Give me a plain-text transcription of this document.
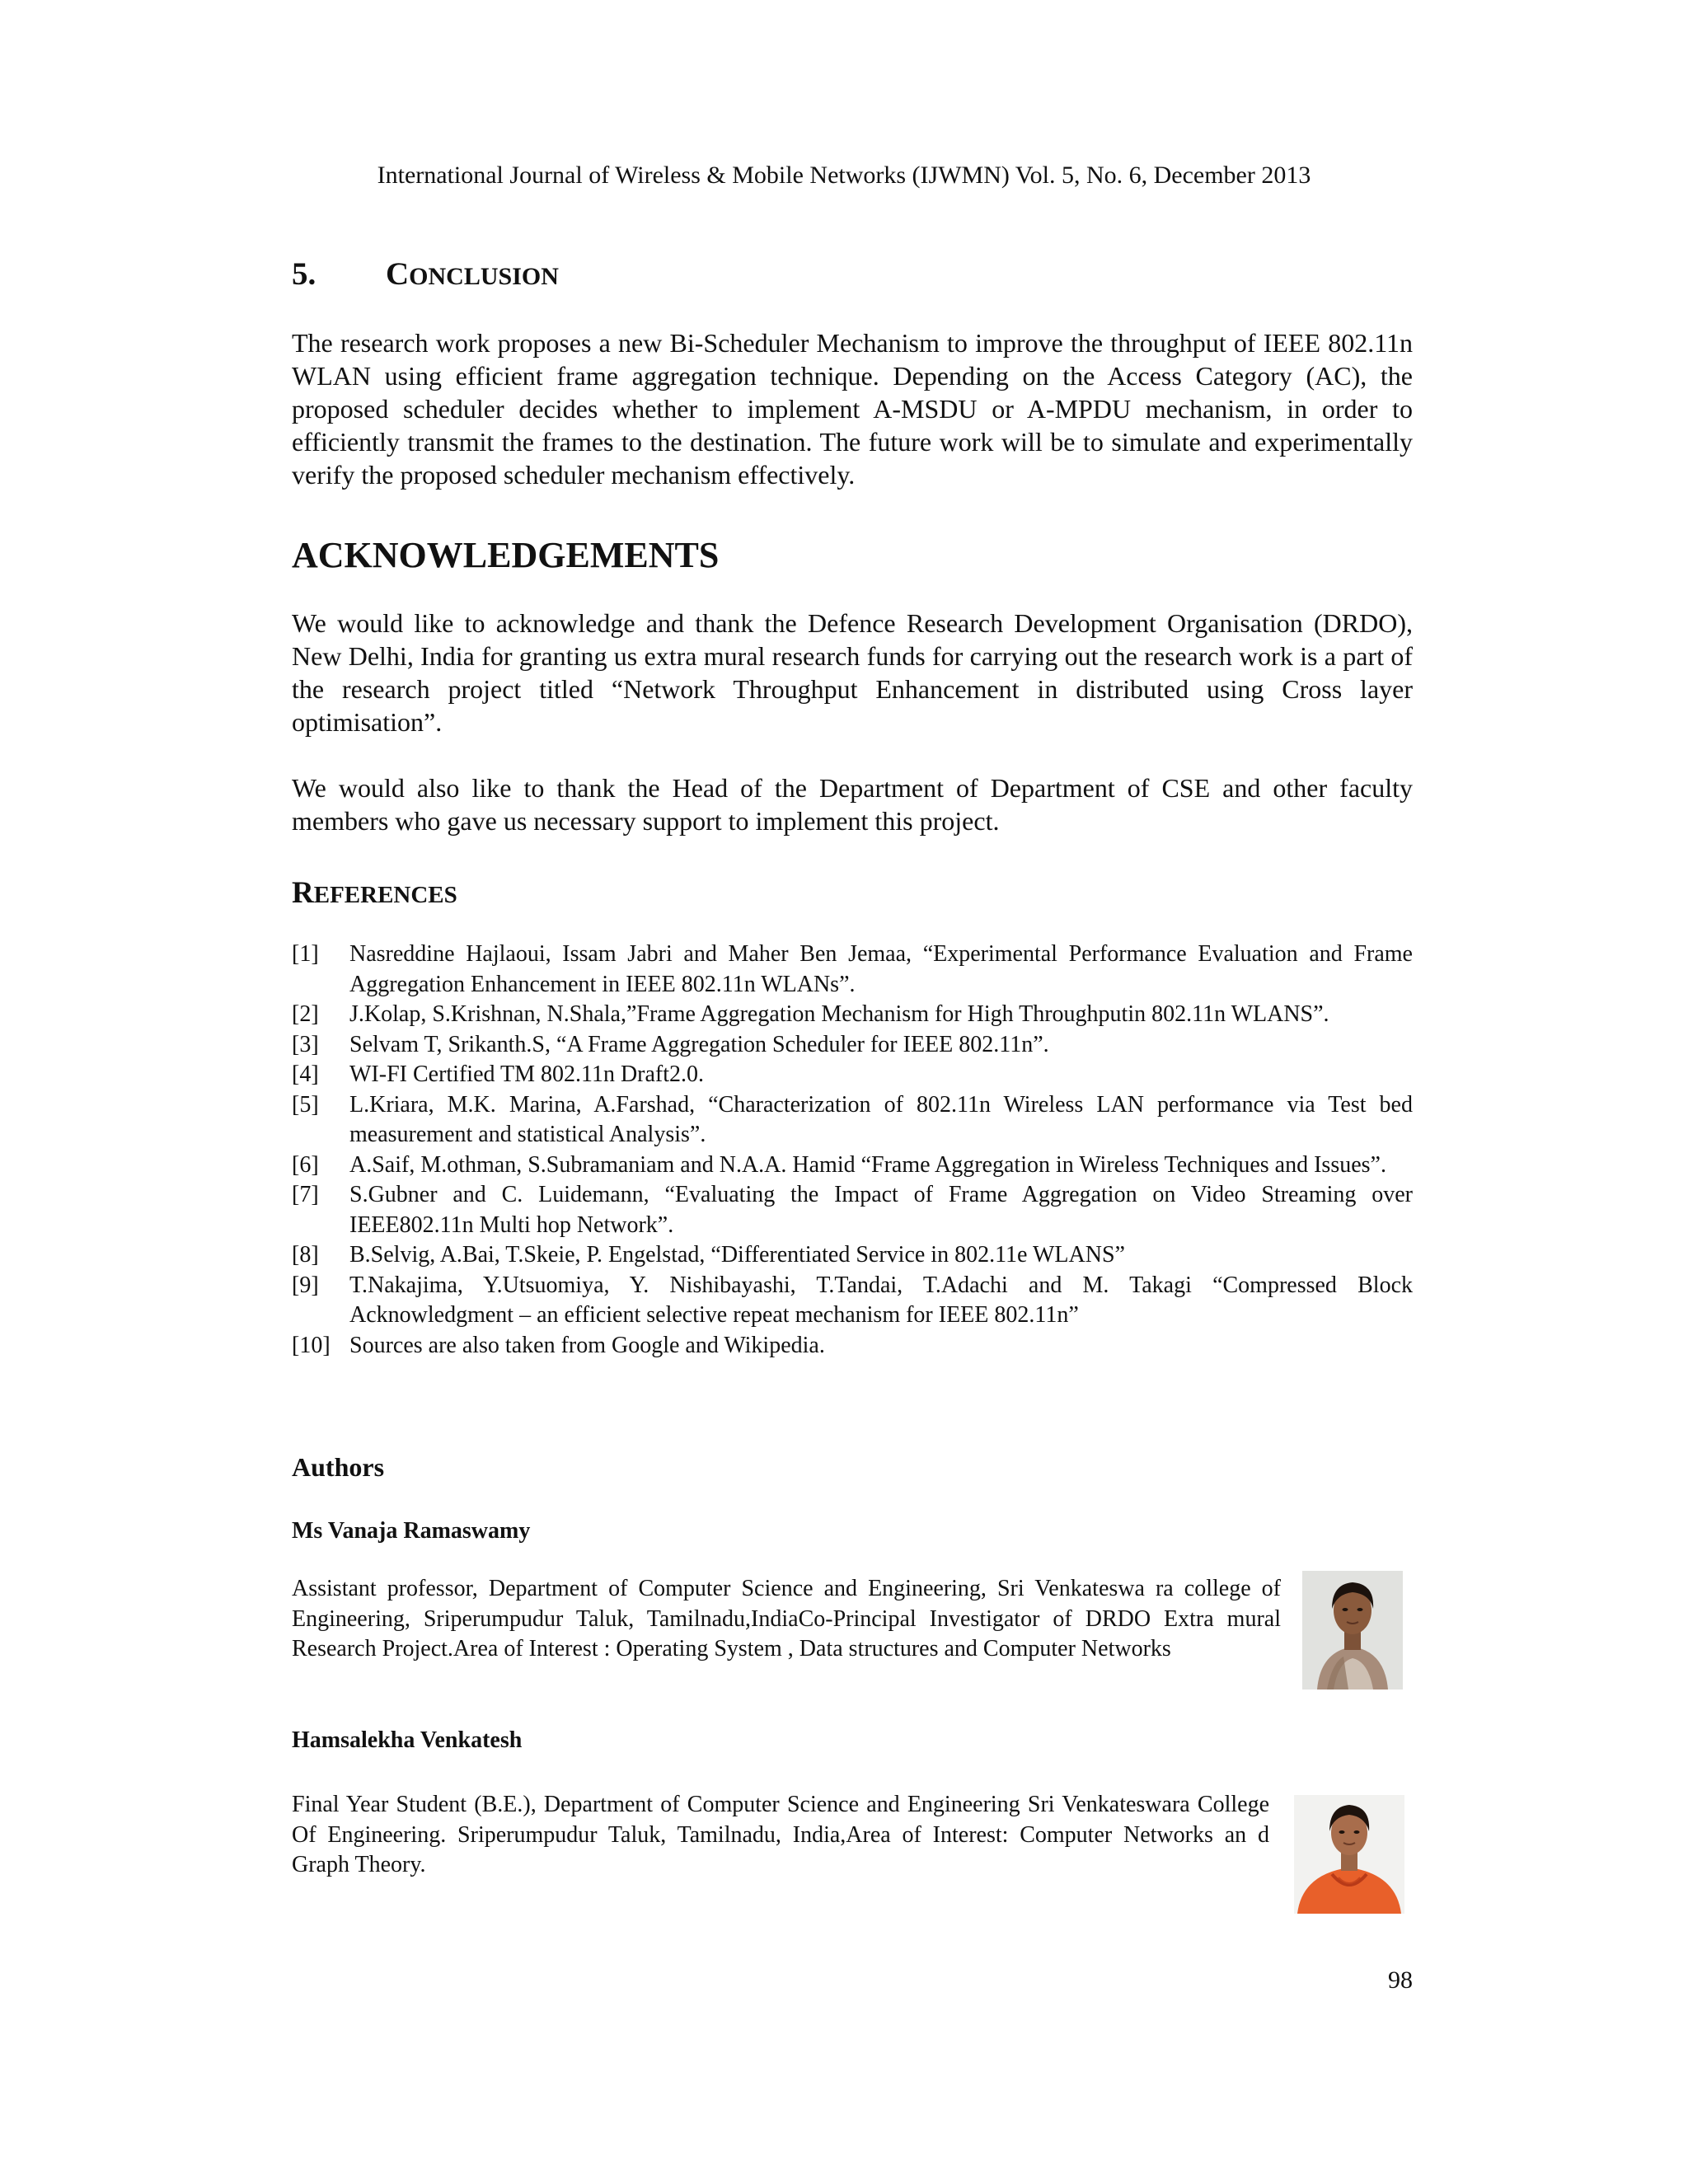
International Journal of Wireless & Mobile Networks (IJWMN) Vol. 5, No. 6, December 2013
5. CONCLUSION

The research work proposes a new Bi-Scheduler Mechanism to improve the throughput of IEEE 802.11n WLAN using efficient frame aggregation technique. Depending on the Access Category (AC), the proposed scheduler decides whether to implement A-MSDU or A-MPDU mechanism, in order to efficiently transmit the frames to the destination. The future work will be to simulate and experimentally verify the proposed scheduler mechanism effectively.

ACKNOWLEDGEMENTS

We would like to acknowledge and thank the Defence Research Development Organisation (DRDO), New Delhi, India for granting us extra mural research funds for carrying out the research work is a part of the research project titled “Network Throughput Enhancement in distributed using Cross layer optimisation”.

We would also like to thank the Head of the Department of Department of CSE and other faculty members who gave us necessary support to implement this project.

REFERENCES
[1]	Nasreddine Hajlaoui, Issam Jabri and Maher Ben Jemaa, “Experimental Performance Evaluation and Frame Aggregation Enhancement in IEEE 802.11n WLANs”.
[2]	J.Kolap, S.Krishnan, N.Shala,”Frame Aggregation Mechanism for High Throughputin 802.11n WLANS”.
[3]	Selvam T, Srikanth.S, “A Frame Aggregation Scheduler for IEEE 802.11n”.
[4]	WI-FI Certified TM 802.11n Draft2.0.
[5]	L.Kriara, M.K. Marina, A.Farshad, “Characterization of 802.11n Wireless LAN performance via Test bed measurement and statistical Analysis”.
[6]	A.Saif, M.othman, S.Subramaniam and N.A.A. Hamid “Frame Aggregation in Wireless Techniques and Issues”.
[7]	S.Gubner and C. Luidemann, “Evaluating the Impact of Frame Aggregation on Video Streaming over IEEE802.11n Multi hop Network”.
[8]	B.Selvig, A.Bai, T.Skeie, P. Engelstad, “Differentiated Service in 802.11e WLANS”
[9]	T.Nakajima, Y.Utsuomiya, Y. Nishibayashi, T.Tandai, T.Adachi and M. Takagi “Compressed Block Acknowledgment – an efficient selective repeat mechanism for IEEE 802.11n”
[10] Sources are also taken from Google and Wikipedia.
Authors
Ms Vanaja Ramaswamy

Assistant professor, Department of Computer Science and Engineering, Sri Venkateswa ra college of Engineering, Sriperumpudur Taluk, Tamilnadu,IndiaCo-Principal Investigator of DRDO Extra mural Research Project.Area of Interest : Operating System , Data structures and Computer Networks

Hamsalekha Venkatesh

Final Year Student (B.E.), Department of Computer Science and Engineering Sri Venkateswara College Of Engineering. Sriperumpudur Taluk, Tamilnadu, India,Area of Interest: Computer Networks an d Graph Theory.

98
